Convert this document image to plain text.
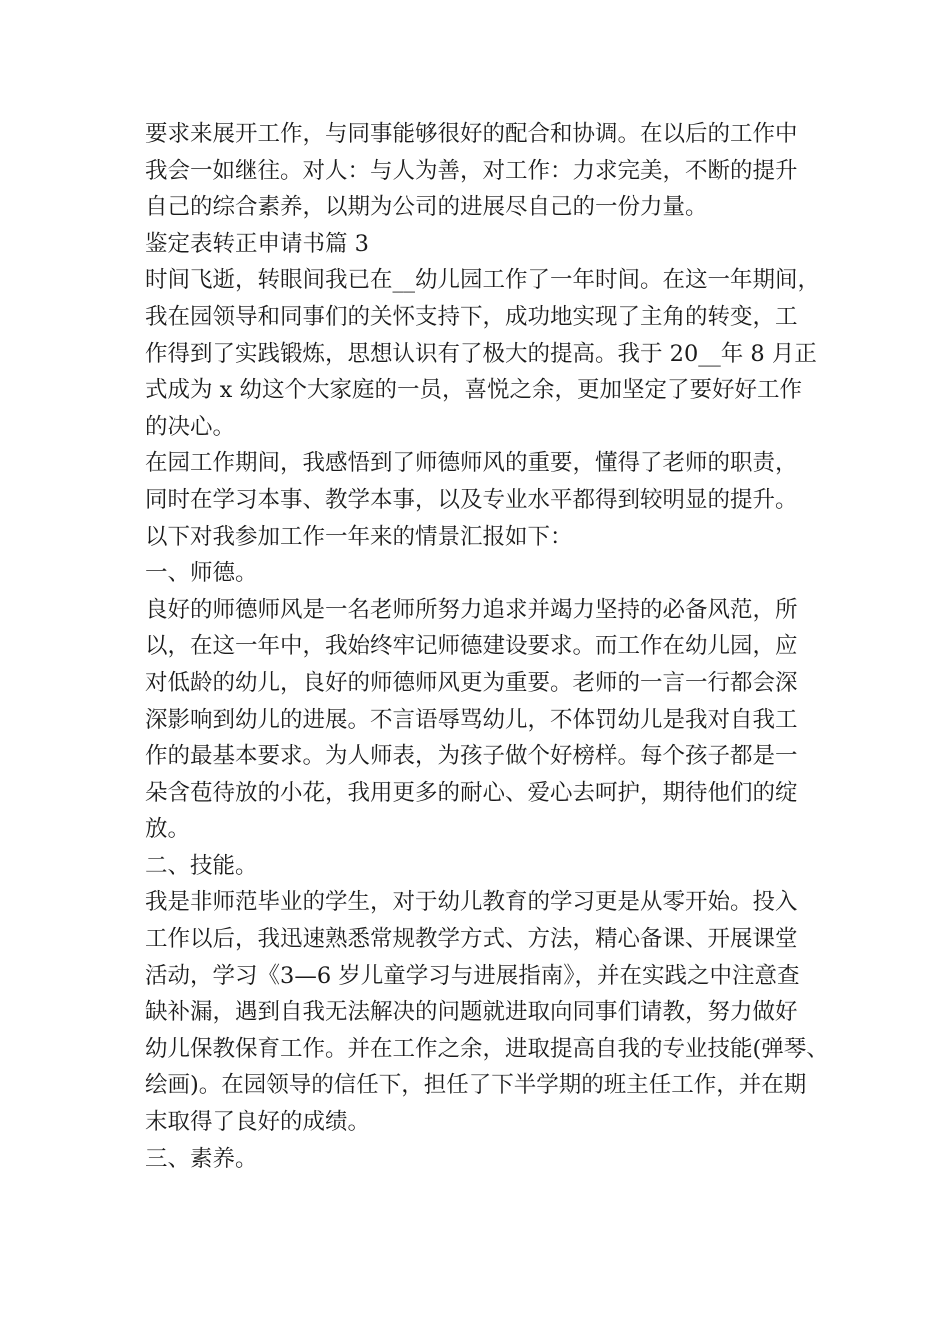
要求来展开工作，与同事能够很好的配合和协调。在以后的工作中
我会一如继往。对人：与人为善，对工作：力求完美，不断的提升
自己的综合素养，以期为公司的进展尽自己的一份力量。
鉴定表转正申请书篇 3
时间飞逝，转眼间我已在__幼儿园工作了一年时间。在这一年期间，
我在园领导和同事们的关怀支持下，成功地实现了主角的转变，工
作得到了实践锻炼，思想认识有了极大的提高。我于 20__年 8 月正
式成为 x 幼这个大家庭的一员，喜悦之余，更加坚定了要好好工作
的决心。
在园工作期间，我感悟到了师德师风的重要，懂得了老师的职责，
同时在学习本事、教学本事，以及专业水平都得到较明显的提升。
以下对我参加工作一年来的情景汇报如下：
一、师德。
良好的师德师风是一名老师所努力追求并竭力坚持的必备风范，所
以，在这一年中，我始终牢记师德建设要求。而工作在幼儿园，应
对低龄的幼儿，良好的师德师风更为重要。老师的一言一行都会深
深影响到幼儿的进展。不言语辱骂幼儿，不体罚幼儿是我对自我工
作的最基本要求。为人师表，为孩子做个好榜样。每个孩子都是一
朵含苞待放的小花，我用更多的耐心、爱心去呵护，期待他们的绽
放。
二、技能。
我是非师范毕业的学生，对于幼儿教育的学习更是从零开始。投入
工作以后，我迅速熟悉常规教学方式、方法，精心备课、开展课堂
活动，学习《3—6 岁儿童学习与进展指南》，并在实践之中注意查
缺补漏，遇到自我无法解决的问题就进取向同事们请教，努力做好
幼儿保教保育工作。并在工作之余，进取提高自我的专业技能(弹琴、
绘画)。在园领导的信任下，担任了下半学期的班主任工作，并在期
末取得了良好的成绩。
三、素养。
